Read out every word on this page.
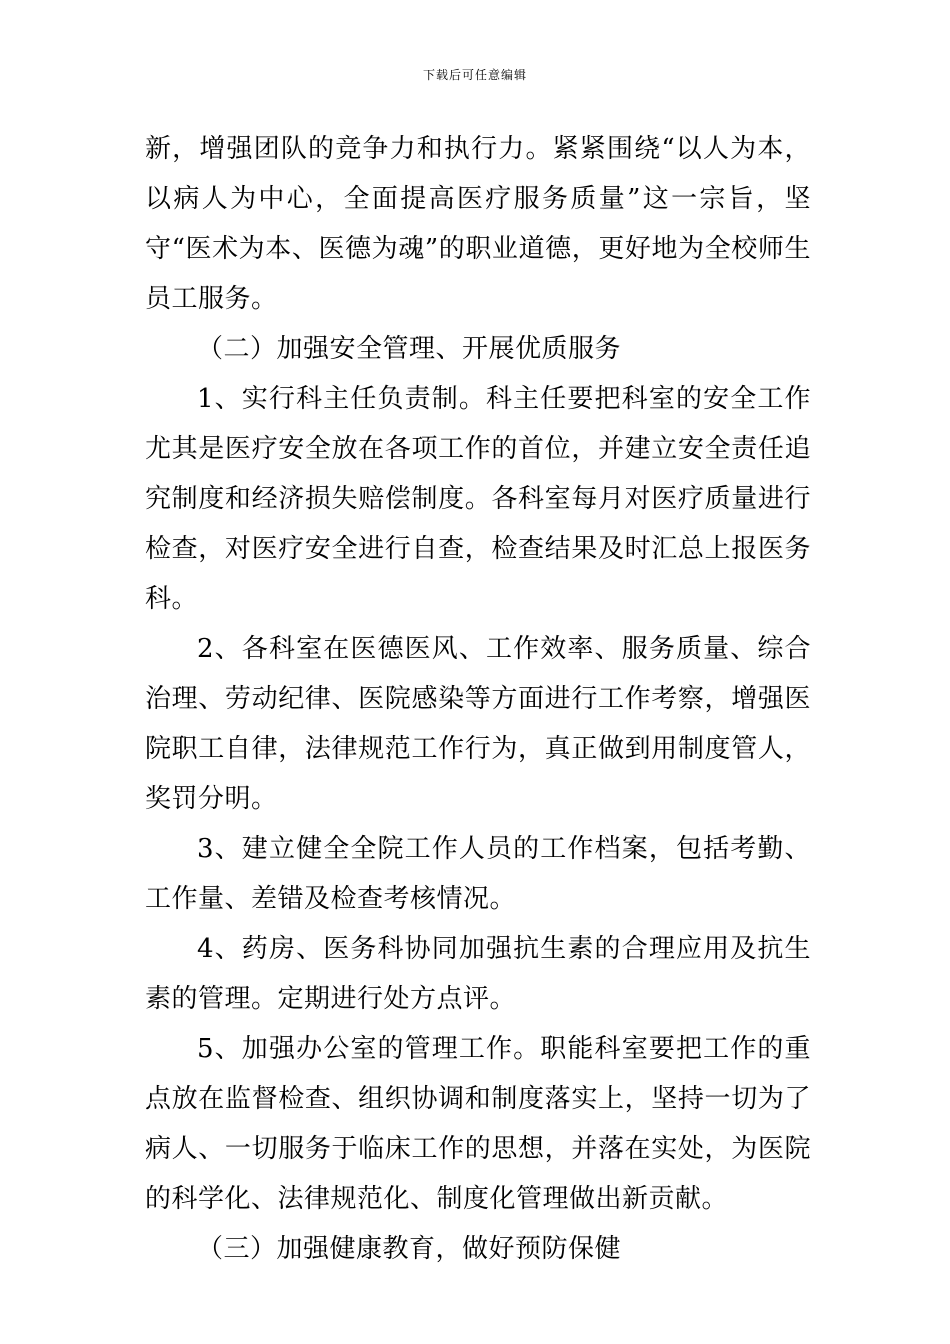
下载后可任意编辑

新，增强团队的竞争力和执行力。紧紧围绕“以人为本，以病人为中心，全面提高医疗服务质量”这一宗旨，坚守“医术为本、医德为魂”的职业道德，更好地为全校师生员工服务。

（二）加强安全管理、开展优质服务

1、实行科主任负责制。科主任要把科室的安全工作尤其是医疗安全放在各项工作的首位，并建立安全责任追究制度和经济损失赔偿制度。各科室每月对医疗质量进行检查，对医疗安全进行自查，检查结果及时汇总上报医务科。

2、各科室在医德医风、工作效率、服务质量、综合治理、劳动纪律、医院感染等方面进行工作考察，增强医院职工自律，法律规范工作行为，真正做到用制度管人，奖罚分明。

3、建立健全全院工作人员的工作档案，包括考勤、工作量、差错及检查考核情况。

4、药房、医务科协同加强抗生素的合理应用及抗生素的管理。定期进行处方点评。

5、加强办公室的管理工作。职能科室要把工作的重点放在监督检查、组织协调和制度落实上，坚持一切为了病人、一切服务于临床工作的思想，并落在实处，为医院的科学化、法律规范化、制度化管理做出新贡献。

（三）加强健康教育，做好预防保健
